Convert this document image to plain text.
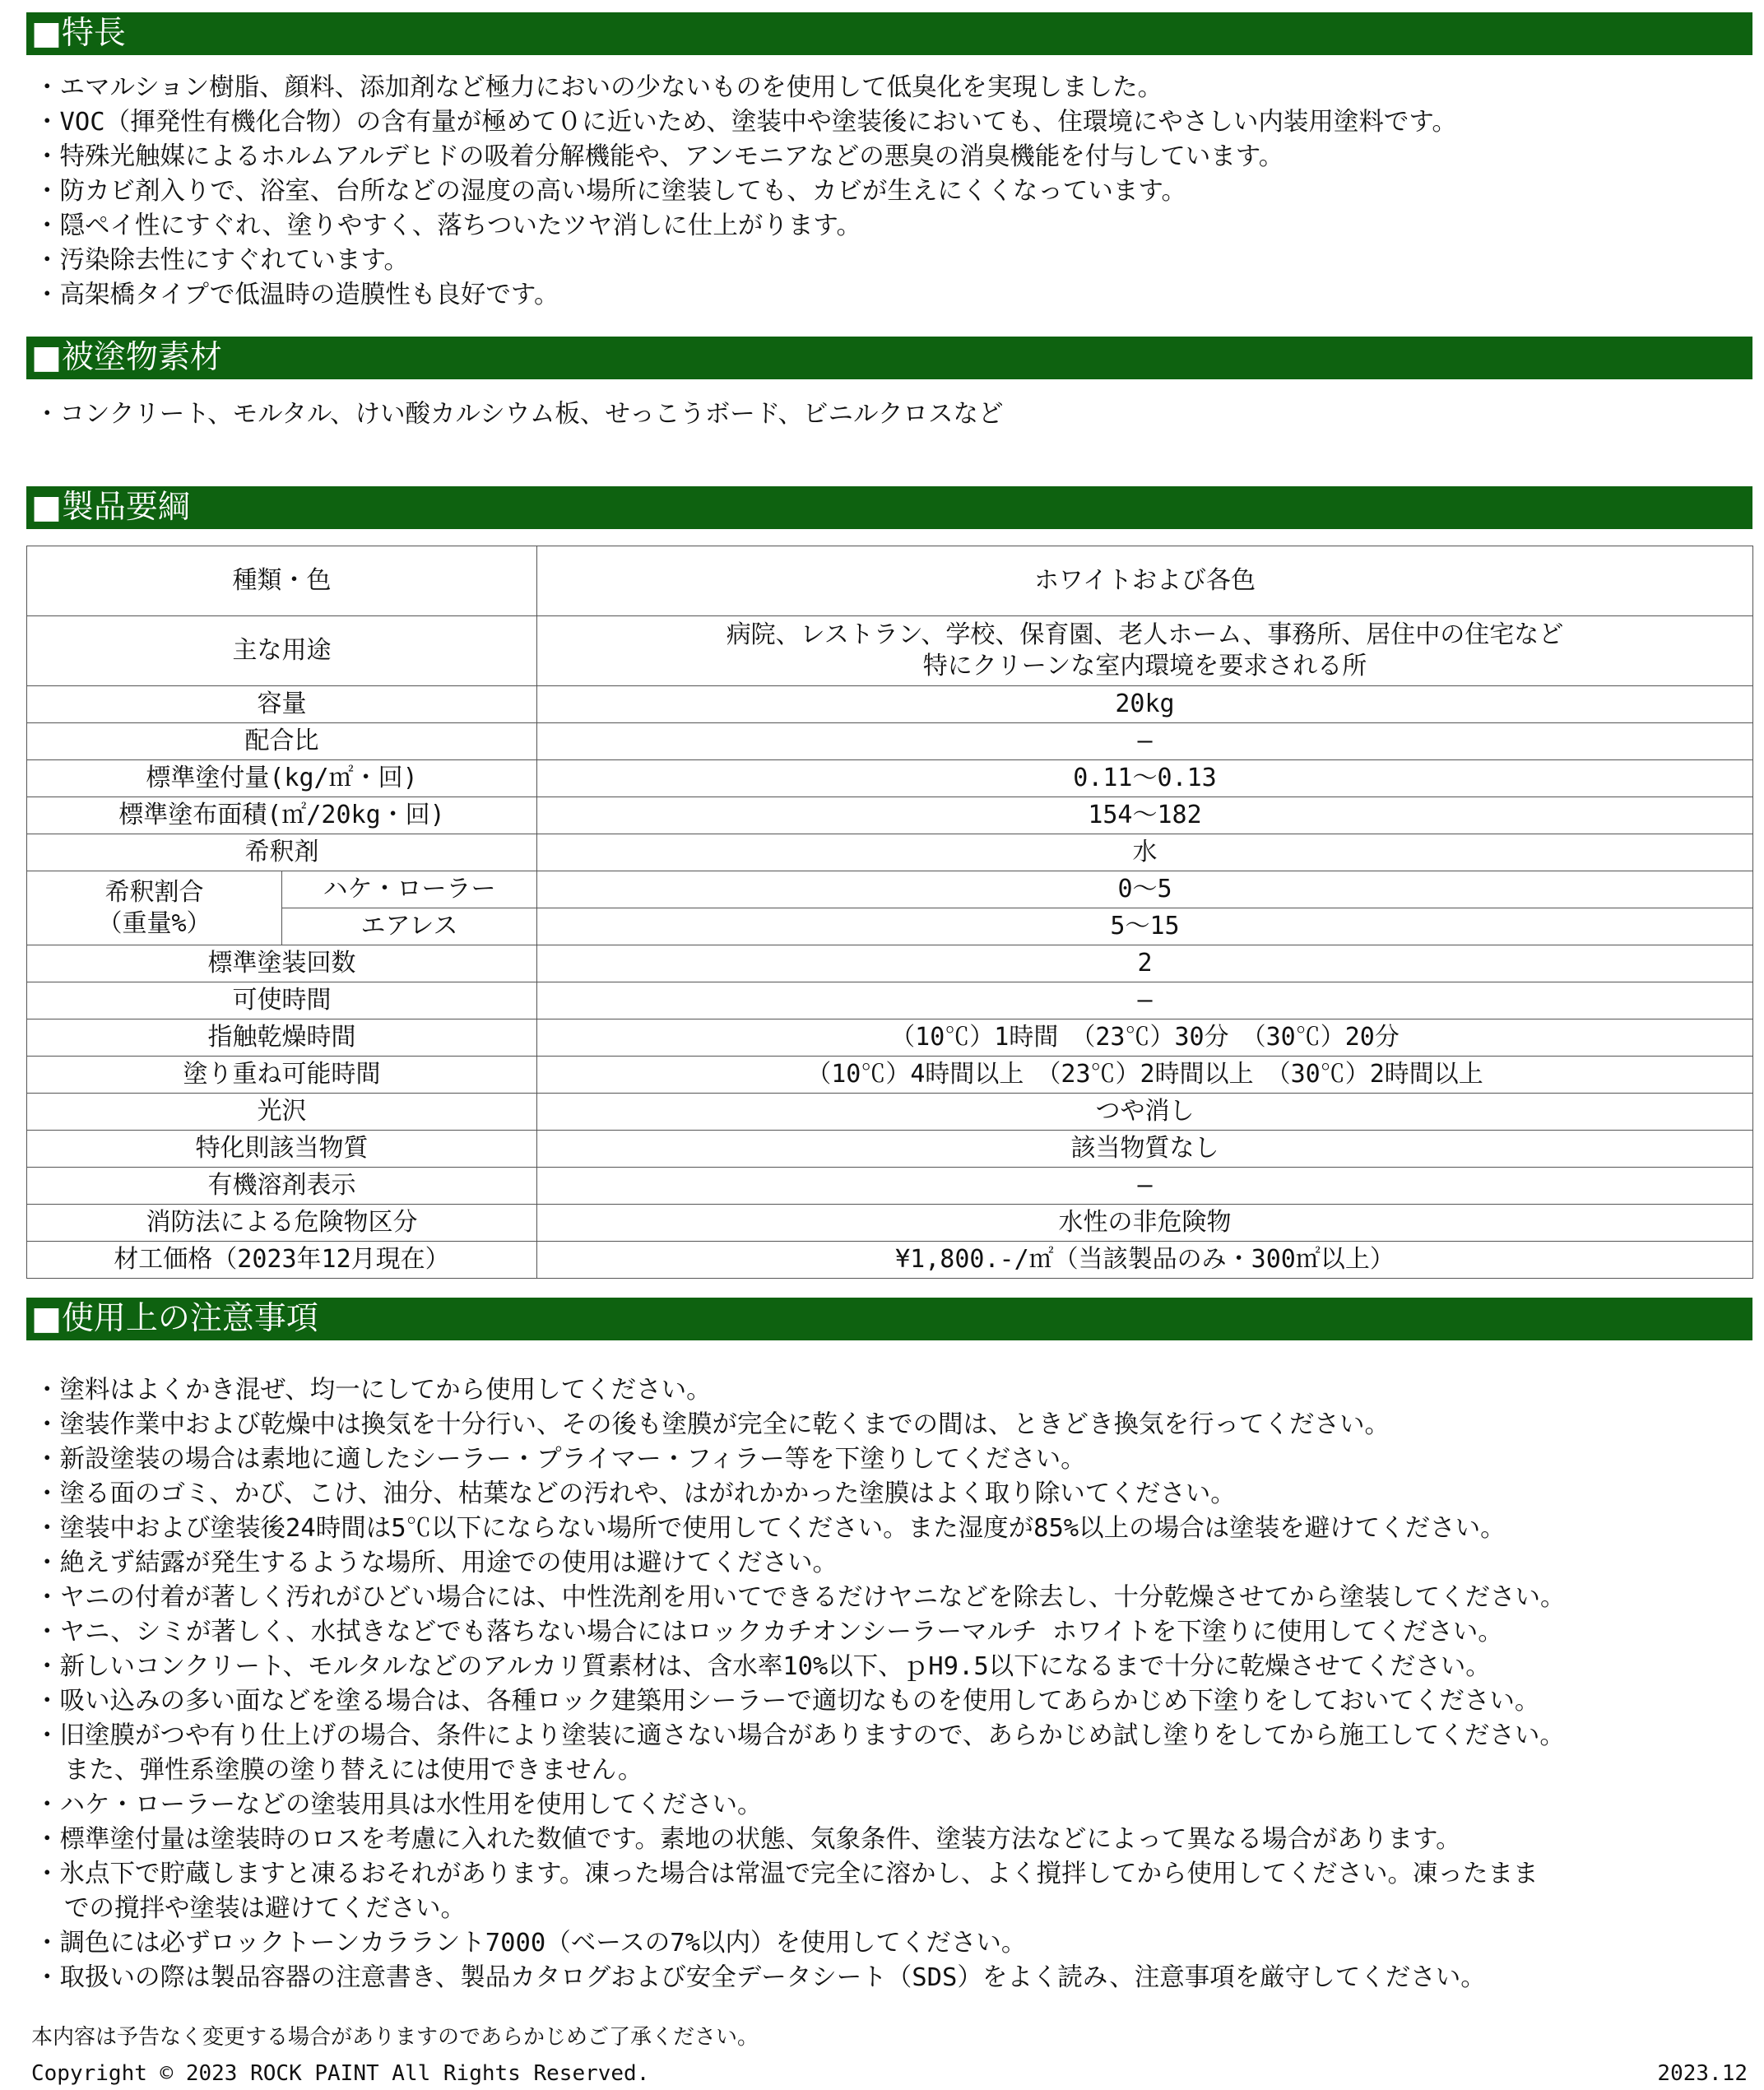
■特長
・エマルション樹脂、顔料、添加剤など極力においの少ないものを使用して低臭化を実現しました。
・VOC（揮発性有機化合物）の含有量が極めて０に近いため、塗装中や塗装後においても、住環境にやさしい内装用塗料です。
・特殊光触媒によるホルムアルデヒドの吸着分解機能や、アンモニアなどの悪臭の消臭機能を付与しています。
・防カビ剤入りで、浴室、台所などの湿度の高い場所に塗装しても、カビが生えにくくなっています。
・隠ペイ性にすぐれ、塗りやすく、落ちついたツヤ消しに仕上がります。
・汚染除去性にすぐれています。
・高架橋タイプで低温時の造膜性も良好です。
■被塗物素材
・コンクリート、モルタル、けい酸カルシウム板、せっこうボード、ビニルクロスなど
■製品要綱
種類・色		ホワイトおよび各色
主な用途		病院、レストラン、学校、保育園、老人ホーム、事務所、居住中の住宅など
特にクリーンな室内環境を要求される所

容量		20kg
配合比		—
標準塗付量(kg/㎡・回)		0.11～0.13
標準塗布面積(㎡/20kg・回)		154～182
希釈剤		水

希釈割合
（重量%）	ハケ・ローラー	0～5
	エアレス	5～15
標準塗装回数		2
可使時間		—
指触乾燥時間		（10℃）1時間　（23℃）30分　（30℃）20分
塗り重ね可能時間		（10℃）4時間以上　（23℃）2時間以上　（30℃）2時間以上
光沢		つや消し
特化則該当物質		該当物質なし
有機溶剤表示		—
消防法による危険物区分		水性の非危険物
材工価格（2023年12月現在）		¥1,800.-/㎡（当該製品のみ・300㎡以上）
■使用上の注意事項
・塗料はよくかき混ぜ、均一にしてから使用してください。
・塗装作業中および乾燥中は換気を十分行い、その後も塗膜が完全に乾くまでの間は、ときどき換気を行ってください。
・新設塗装の場合は素地に適したシーラー・プライマー・フィラー等を下塗りしてください。
・塗る面のゴミ、かび、こけ、油分、枯葉などの汚れや、はがれかかった塗膜はよく取り除いてください。
・塗装中および塗装後24時間は5℃以下にならない場所で使用してください。また湿度が85%以上の場合は塗装を避けてください。
・絶えず結露が発生するような場所、用途での使用は避けてください。
・ヤニの付着が著しく汚れがひどい場合には、中性洗剤を用いてできるだけヤニなどを除去し、十分乾燥させてから塗装してください。
・ヤニ、シミが著しく、水拭きなどでも落ちない場合にはロックカチオンシーラーマルチ ホワイトを下塗りに使用してください。
・新しいコンクリート、モルタルなどのアルカリ質素材は、含水率10%以下、ｐH9.5以下になるまで十分に乾燥させてください。
・吸い込みの多い面などを塗る場合は、各種ロック建築用シーラーで適切なものを使用してあらかじめ下塗りをしておいてください。
・旧塗膜がつや有り仕上げの場合、条件により塗装に適さない場合がありますので、あらかじめ試し塗りをしてから施工してください。
また、弾性系塗膜の塗り替えには使用できません。
・ハケ・ローラーなどの塗装用具は水性用を使用してください。
・標準塗付量は塗装時のロスを考慮に入れた数値です。素地の状態、気象条件、塗装方法などによって異なる場合があります。
・氷点下で貯蔵しますと凍るおそれがあります。凍った場合は常温で完全に溶かし、よく撹拌してから使用してください。凍ったまま
での撹拌や塗装は避けてください。
・調色には必ずロックトーンカララント7000（ベースの7%以内）を使用してください。
・取扱いの際は製品容器の注意書き、製品カタログおよび安全データシート（SDS）をよく読み、注意事項を厳守してください。
本内容は予告なく変更する場合がありますのであらかじめご了承ください。
Copyright © 2023 ROCK PAINT All Rights Reserved.	2023.12
